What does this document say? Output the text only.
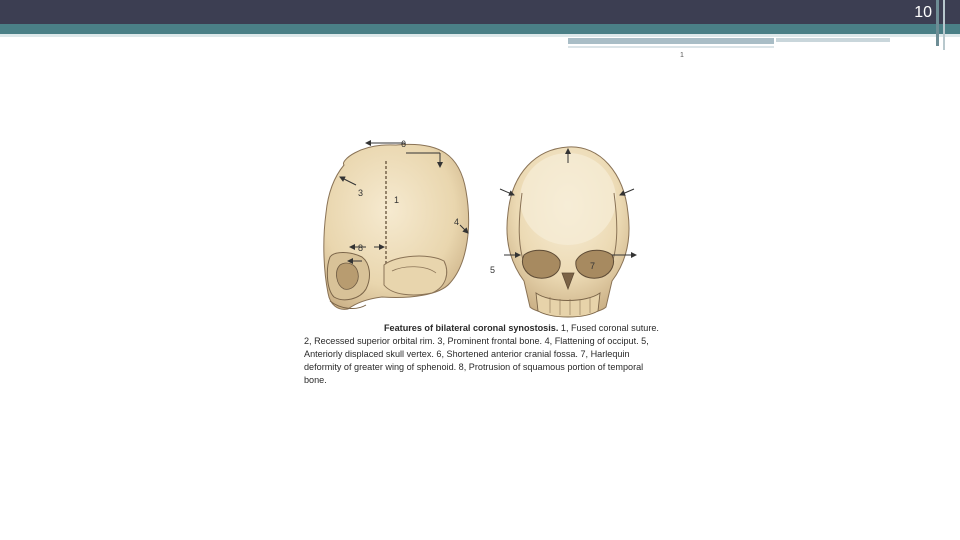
10
1
6
3
1
4
8
5	7
Features of bilateral coronal synostosis. 1, Fused coronal suture. 2, Recessed superior orbital rim. 3, Prominent frontal bone. 4, Flattening of occiput. 5, Anteriorly displaced skull vertex. 6, Shortened anterior cranial fossa. 7, Harlequin deformity of greater wing of sphenoid. 8, Protrusion of squamous portion of temporal bone.
